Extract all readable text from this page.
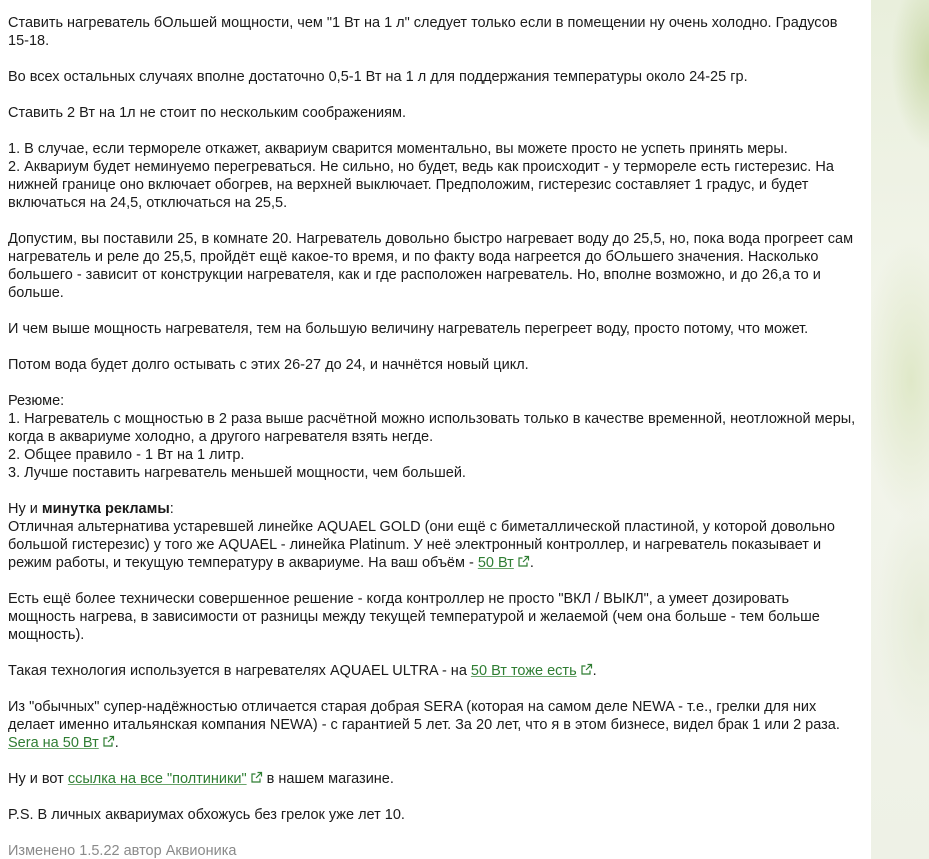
Ставить нагреватель бОльшей мощности, чем "1 Вт на 1 л" следует только если в помещении ну очень холодно. Градусов 15-18.

Во всех остальных случаях вполне достаточно 0,5-1 Вт на 1 л для поддержания температуры около 24-25 гр.

Ставить 2 Вт на 1л не стоит по нескольким соображениям.

1. В случае, если термореле откажет, аквариум сварится моментально, вы можете просто не успеть принять меры.
2. Аквариум будет неминуемо перегреваться. Не сильно, но будет, ведь как происходит - у термореле есть гистерезис. На нижней границе оно включает обогрев, на верхней выключает. Предположим, гистерезис составляет 1 градус, и будет включаться на 24,5, отключаться на 25,5.

Допустим, вы поставили 25, в комнате 20. Нагреватель довольно быстро нагревает воду до 25,5, но, пока вода прогреет сам нагреватель и реле до 25,5, пройдёт ещё какое-то время, и по факту вода нагреется до бОльшего значения. Насколько большего - зависит от конструкции нагревателя, как и где расположен нагреватель. Но, вполне возможно, и до 26,а то и больше.

И чем выше мощность нагревателя, тем на большую величину нагреватель перегреет воду, просто потому, что может.

Потом вода будет долго остывать с этих 26-27 до 24, и начнётся новый цикл.

Резюме:
1. Нагреватель с мощностью в 2 раза выше расчётной можно использовать только в качестве временной, неотложной меры, когда в аквариуме холодно, а другого нагревателя взять негде.
2. Общее правило - 1 Вт на 1 литр.
3. Лучше поставить нагреватель меньшей мощности, чем большей.

Ну и минутка рекламы:
Отличная альтернатива устаревшей линейке AQUAEL GOLD (они ещё с биметаллической пластиной, у которой довольно большой гистерезис) у того же AQUAEL - линейка Platinum. У неё электронный контроллер, и нагреватель показывает и режим работы, и текущую температуру в аквариуме. На ваш объём - 50 Вт .

Есть ещё более технически совершенное решение - когда контроллер не просто "ВКЛ / ВЫКЛ", а умеет дозировать мощность нагрева, в зависимости от разницы между текущей температурой и желаемой (чем она больше - тем больше мощность).

Такая технология используется в нагревателях AQUAEL ULTRA - на 50 Вт тоже есть .

Из "обычных" супер-надёжностью отличается старая добрая SERA (которая на самом деле NEWA - т.е., грелки для них делает именно итальянская компания NEWA) - с гарантией 5 лет. За 20 лет, что я в этом бизнесе, видел брак 1 или 2 раза. Sera на 50 Вт .

Ну и вот ссылка на все "полтиники"
в нашем магазине.

P.S. В личных аквариумах обхожусь без грелок уже лет 10.

Изменено 1.5.22 автор Аквионика
